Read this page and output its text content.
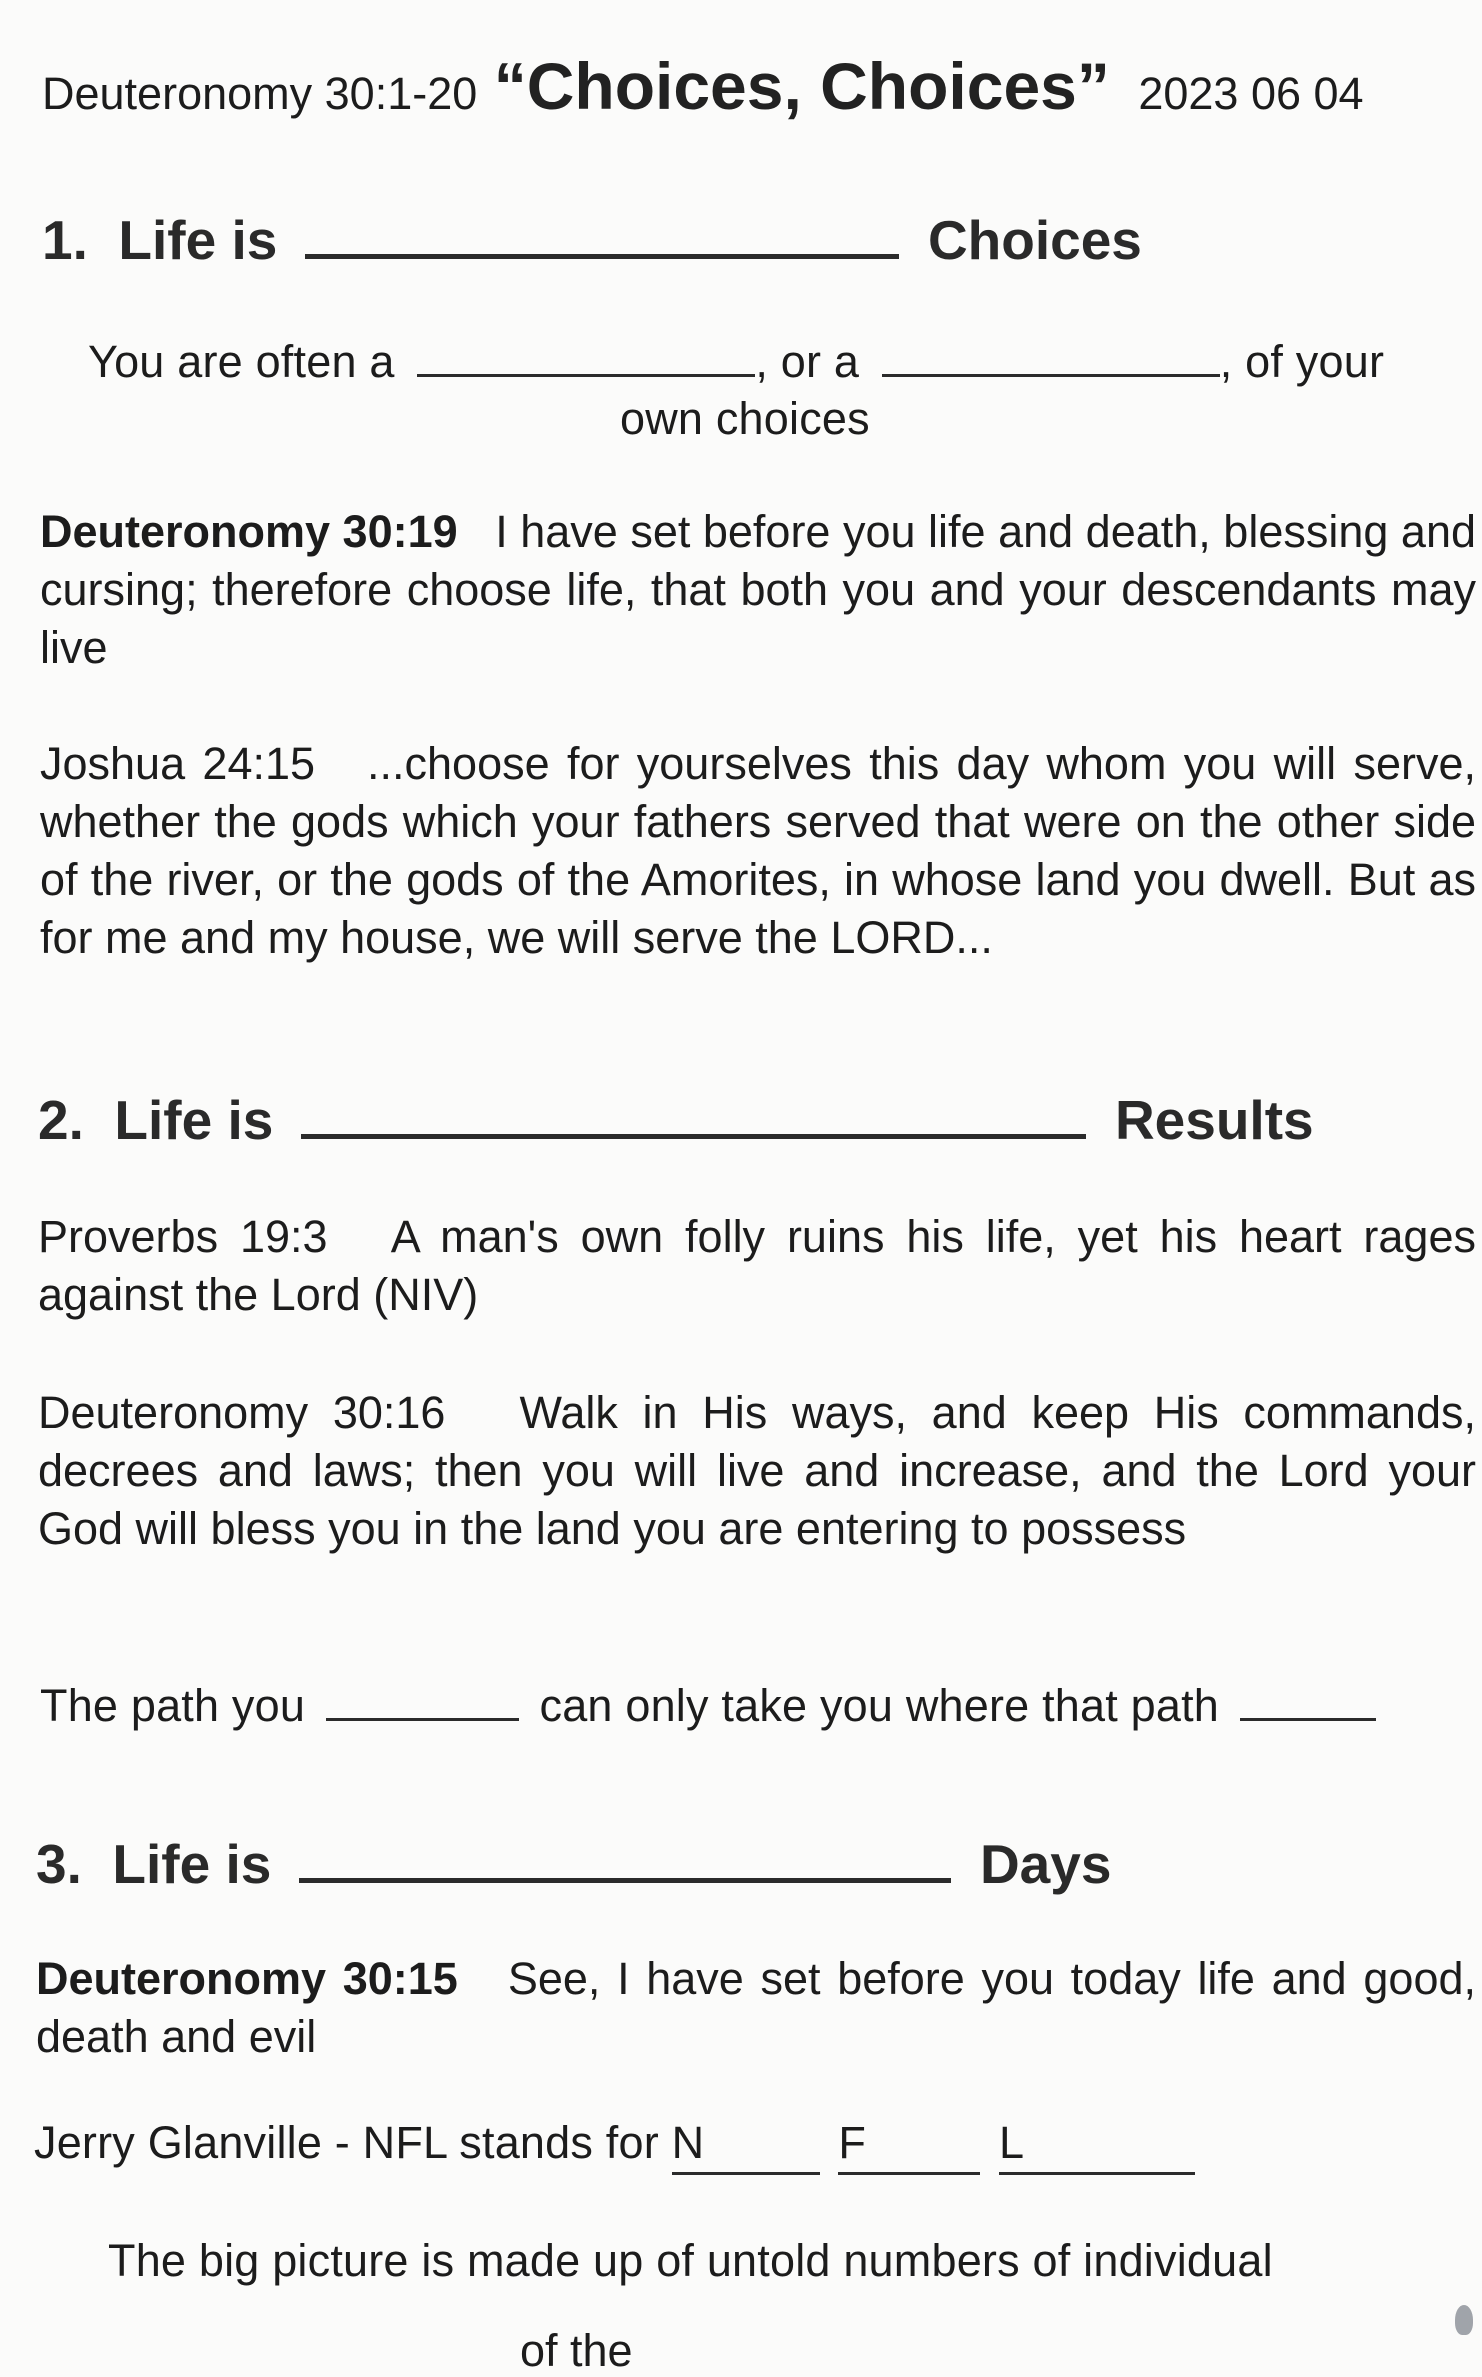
Deuteronomy 30:1-20 “Choices, Choices” 2023 06 04
1.  Life is	Choices
You are often a	, or a	, of your
own choices
Deuteronomy 30:19 I have set before you life and death, blessing and cursing; therefore choose life, that both you and your descendants may live
Joshua 24:15 ...choose for yourselves this day whom you will serve, whether the gods which your fathers served that were on the other side of the river, or the gods of the Amorites, in whose land you dwell. But as for me and my house, we will serve the LORD...
2.  Life is	Results
Proverbs 19:3 A man's own folly ruins his life, yet his heart rages against the Lord (NIV)
Deuteronomy 30:16 Walk in His ways, and keep His commands, decrees and laws; then you will live and increase, and the Lord your God will bless you in the land you are entering to possess
The path you	can only take you where that path
3.  Life is	Days
Deuteronomy 30:15 See, I have set before you today life and good, death and evil
Jerry Glanville - NFL stands for N	F	L
The big picture is made up of untold numbers of individual
of the
